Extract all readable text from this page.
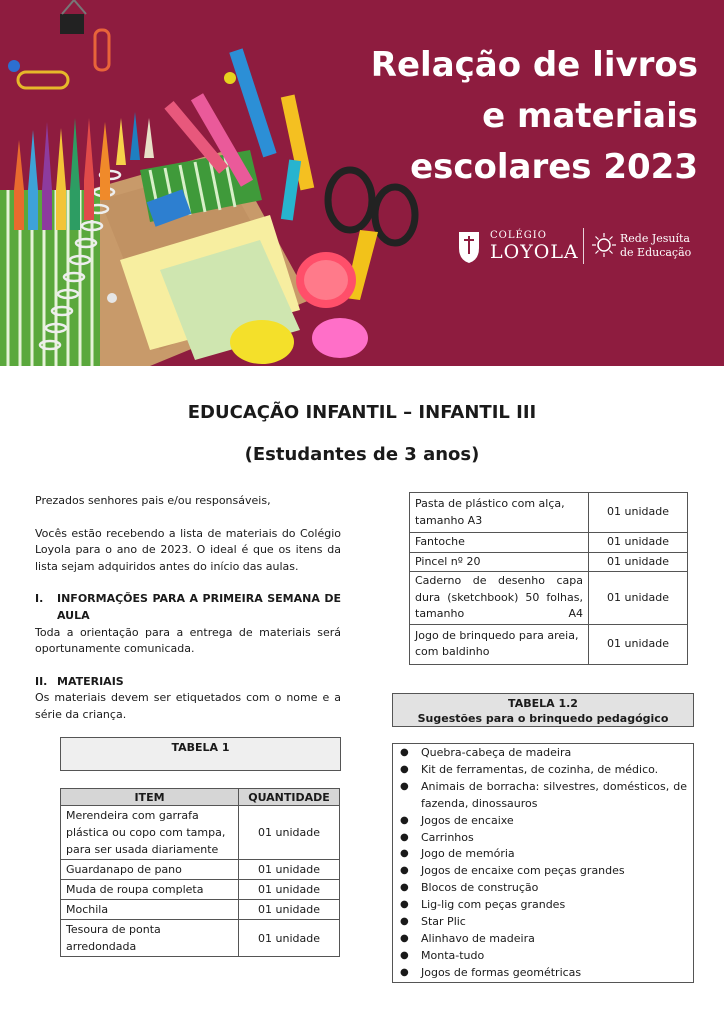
Relação de livros
e materiais
escolares 2023
COLÉGIO
LOYOLA
Rede Jesuíta
de Educação
EDUCAÇÃO INFANTIL – INFANTIL III
(Estudantes de 3 anos)

Prezados senhores pais e/ou responsáveis,

Vocês estão recebendo a lista de materiais do Colégio Loyola para o ano de 2023. O ideal é que os itens da lista sejam adquiridos antes do início das aulas.

I.	INFORMAÇÕES PARA A PRIMEIRA SEMANA DE AULA

Toda a orientação para a entrega de materiais será oportunamente comunicada.

II. MATERIAIS

Os materiais devem ser etiquetados com o nome e a série da criança.

TABELA 1
ITEM	QUANTIDADE
Merendeira com garrafa plástica ou copo com tampa, para ser usada diariamente	01 unidade
Guardanapo de pano	01 unidade
Muda de roupa completa	01 unidade
Mochila	01 unidade
Tesoura de ponta arredondada	01 unidade
Pasta de plástico com alça, tamanho A3	01 unidade
Fantoche	01 unidade
Pincel nº 20	01 unidade
Caderno de desenho capa dura (sketchbook) 50 folhas, tamanho A4	01 unidade
Jogo de brinquedo para areia, com baldinho	01 unidade
TABELA 1.2
Sugestões para o brinquedo pedagógico
●	Quebra-cabeça de madeira
●	Kit de ferramentas, de cozinha, de médico.
●	Animais de borracha: silvestres, domésticos, de fazenda, dinossauros
●	Jogos de encaixe
●	Carrinhos
●	Jogo de memória
●	Jogos de encaixe com peças grandes
●	Blocos de construção
●	Lig-lig com peças grandes
●	Star Plic
●	Alinhavo de madeira
●	Monta-tudo
●	Jogos de formas geométricas
